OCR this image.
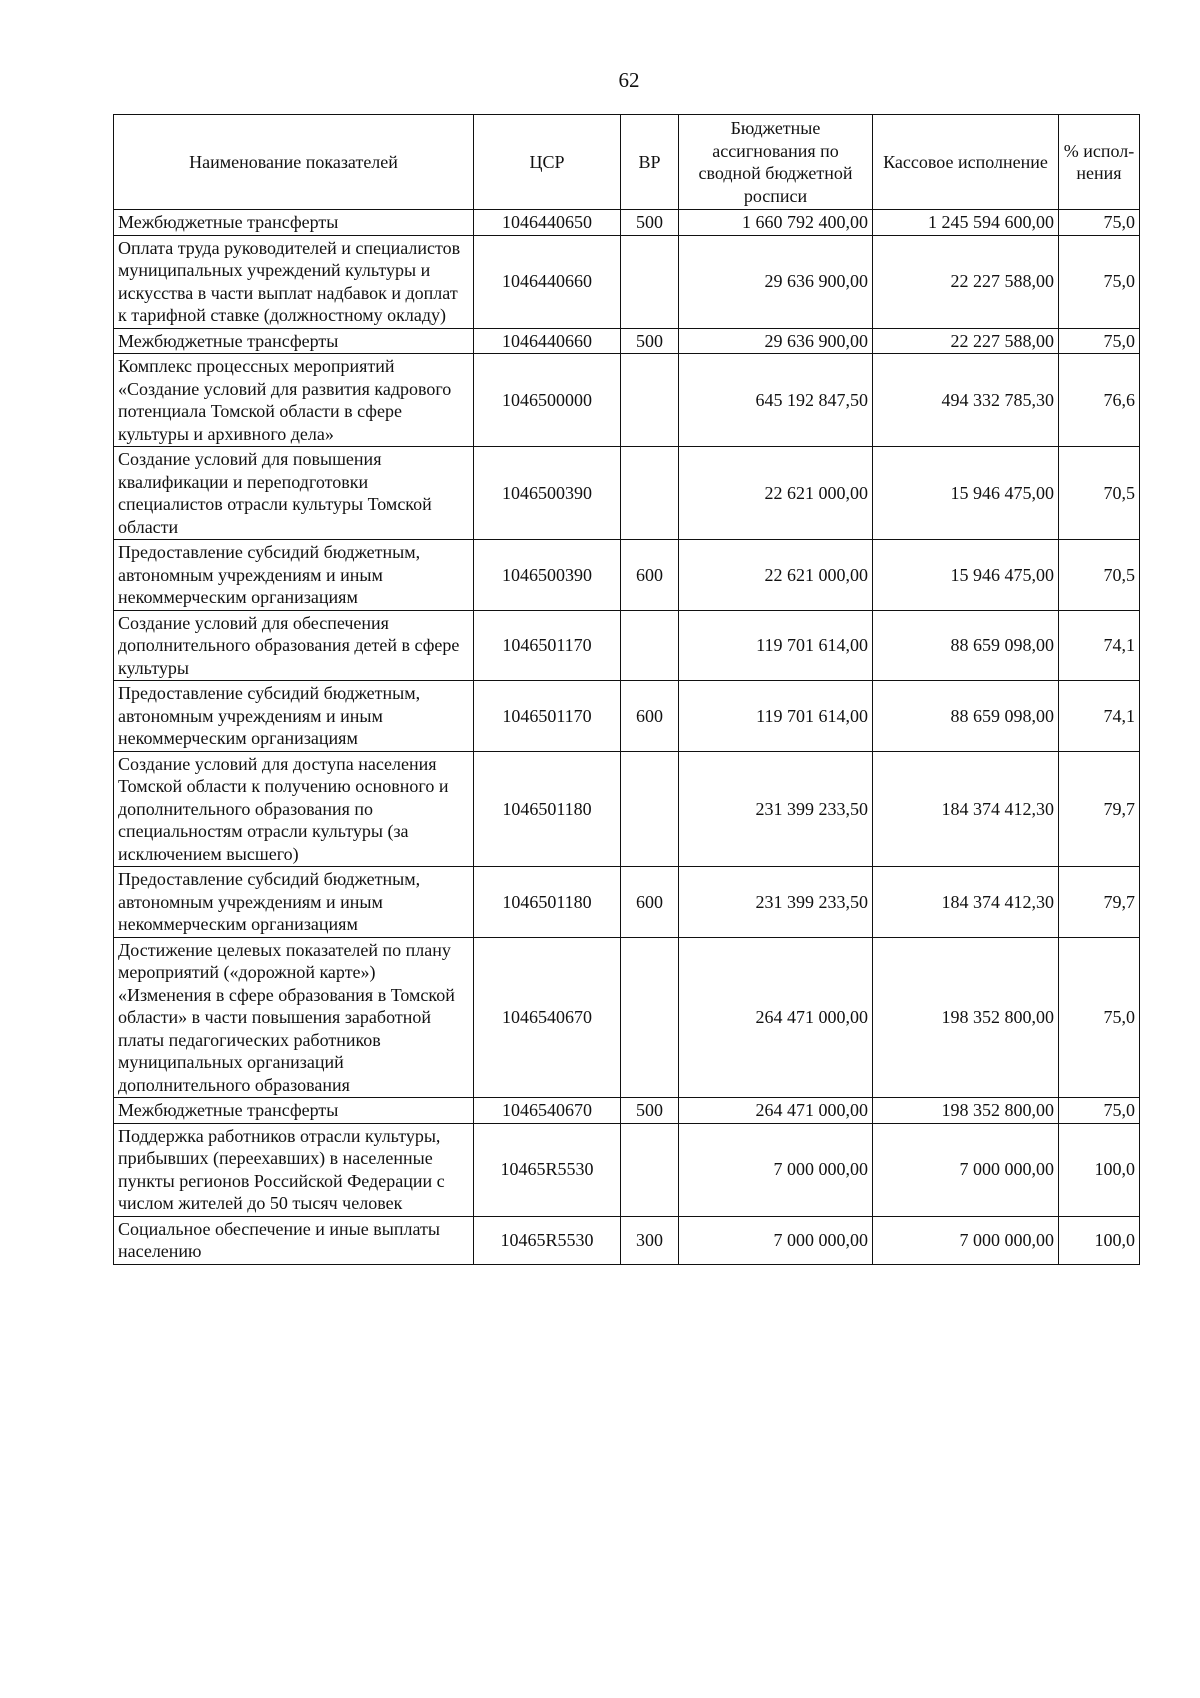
62
Наименование показателей	ЦСР	ВР	Бюджетные ассигнования по сводной бюджетной росписи	Кассовое исполнение	% испол-нения
Межбюджетные трансферты	1046440650	500	1 660 792 400,00	1 245 594 600,00	75,0
Оплата труда руководителей и специалистов муниципальных учреждений культуры и искусства в части выплат надбавок и доплат к тарифной ставке (должностному окладу)	1046440660		29 636 900,00	22 227 588,00	75,0
Межбюджетные трансферты	1046440660	500	29 636 900,00	22 227 588,00	75,0
Комплекс процессных мероприятий «Создание условий для развития кадрового потенциала Томской области в сфере культуры и архивного дела»	1046500000		645 192 847,50	494 332 785,30	76,6
Создание условий для повышения квалификации и переподготовки специалистов отрасли культуры Томской области	1046500390		22 621 000,00	15 946 475,00	70,5
Предоставление субсидий бюджетным, автономным учреждениям и иным некоммерческим организациям	1046500390	600	22 621 000,00	15 946 475,00	70,5
Создание условий для обеспечения дополнительного образования детей в сфере культуры	1046501170		119 701 614,00	88 659 098,00	74,1
Предоставление субсидий бюджетным, автономным учреждениям и иным некоммерческим организациям	1046501170	600	119 701 614,00	88 659 098,00	74,1
Создание условий для доступа населения Томской области к получению основного и дополнительного образования по специальностям отрасли культуры (за исключением высшего)	1046501180		231 399 233,50	184 374 412,30	79,7
Предоставление субсидий бюджетным, автономным учреждениям и иным некоммерческим организациям	1046501180	600	231 399 233,50	184 374 412,30	79,7
Достижение целевых показателей по плану мероприятий («дорожной карте») «Изменения в сфере образования в Томской области» в части повышения заработной платы педагогических работников муниципальных организаций дополнительного образования	1046540670		264 471 000,00	198 352 800,00	75,0
Межбюджетные трансферты	1046540670	500	264 471 000,00	198 352 800,00	75,0
Поддержка работников отрасли культуры, прибывших (переехавших) в населенные пункты регионов Российской Федерации с числом жителей до 50 тысяч человек	10465R5530		7 000 000,00	7 000 000,00	100,0
Социальное обеспечение и иные выплаты населению	10465R5530	300	7 000 000,00	7 000 000,00	100,0
